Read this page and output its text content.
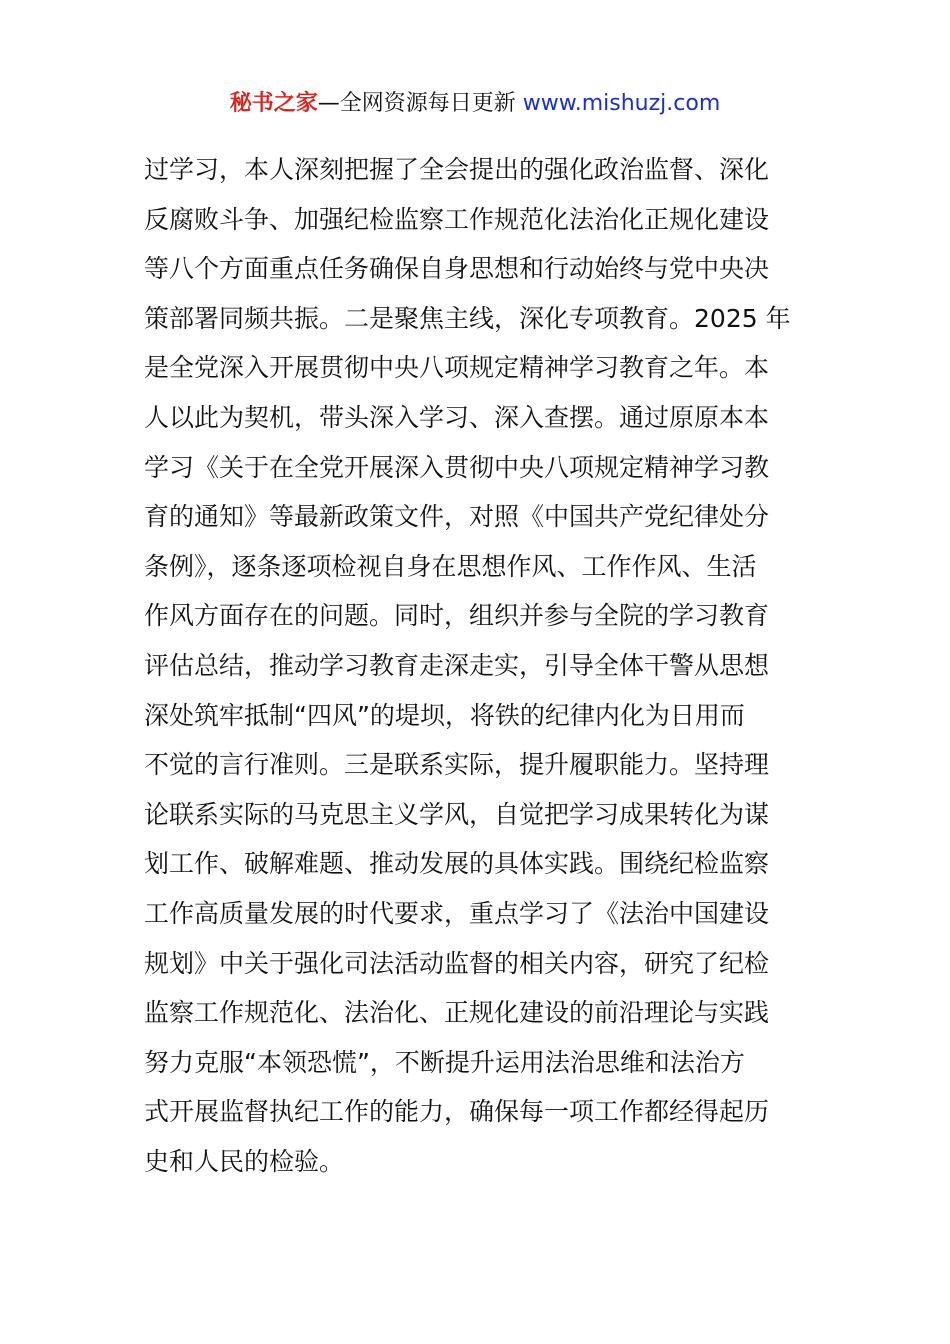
秘书之家—全网资源每日更新 www.mishuzj.com
过学习，本人深刻把握了全会提出的强化政治监督、深化
反腐败斗争、加强纪检监察工作规范化法治化正规化建设
等八个方面重点任务确保自身思想和行动始终与党中央决
策部署同频共振。二是聚焦主线，深化专项教育。2025 年
是全党深入开展贯彻中央八项规定精神学习教育之年。本
人以此为契机，带头深入学习、深入查摆。通过原原本本
学习《关于在全党开展深入贯彻中央八项规定精神学习教
育的通知》等最新政策文件，对照《中国共产党纪律处分
条例》，逐条逐项检视自身在思想作风、工作作风、生活
作风方面存在的问题。同时，组织并参与全院的学习教育
评估总结，推动学习教育走深走实，引导全体干警从思想
深处筑牢抵制“四风”的堤坝，将铁的纪律内化为日用而
不觉的言行准则。三是联系实际，提升履职能力。坚持理
论联系实际的马克思主义学风，自觉把学习成果转化为谋
划工作、破解难题、推动发展的具体实践。围绕纪检监察
工作高质量发展的时代要求，重点学习了《法治中国建设
规划》中关于强化司法活动监督的相关内容，研究了纪检
监察工作规范化、法治化、正规化建设的前沿理论与实践
努力克服“本领恐慌”，不断提升运用法治思维和法治方
式开展监督执纪工作的能力，确保每一项工作都经得起历
史和人民的检验。
